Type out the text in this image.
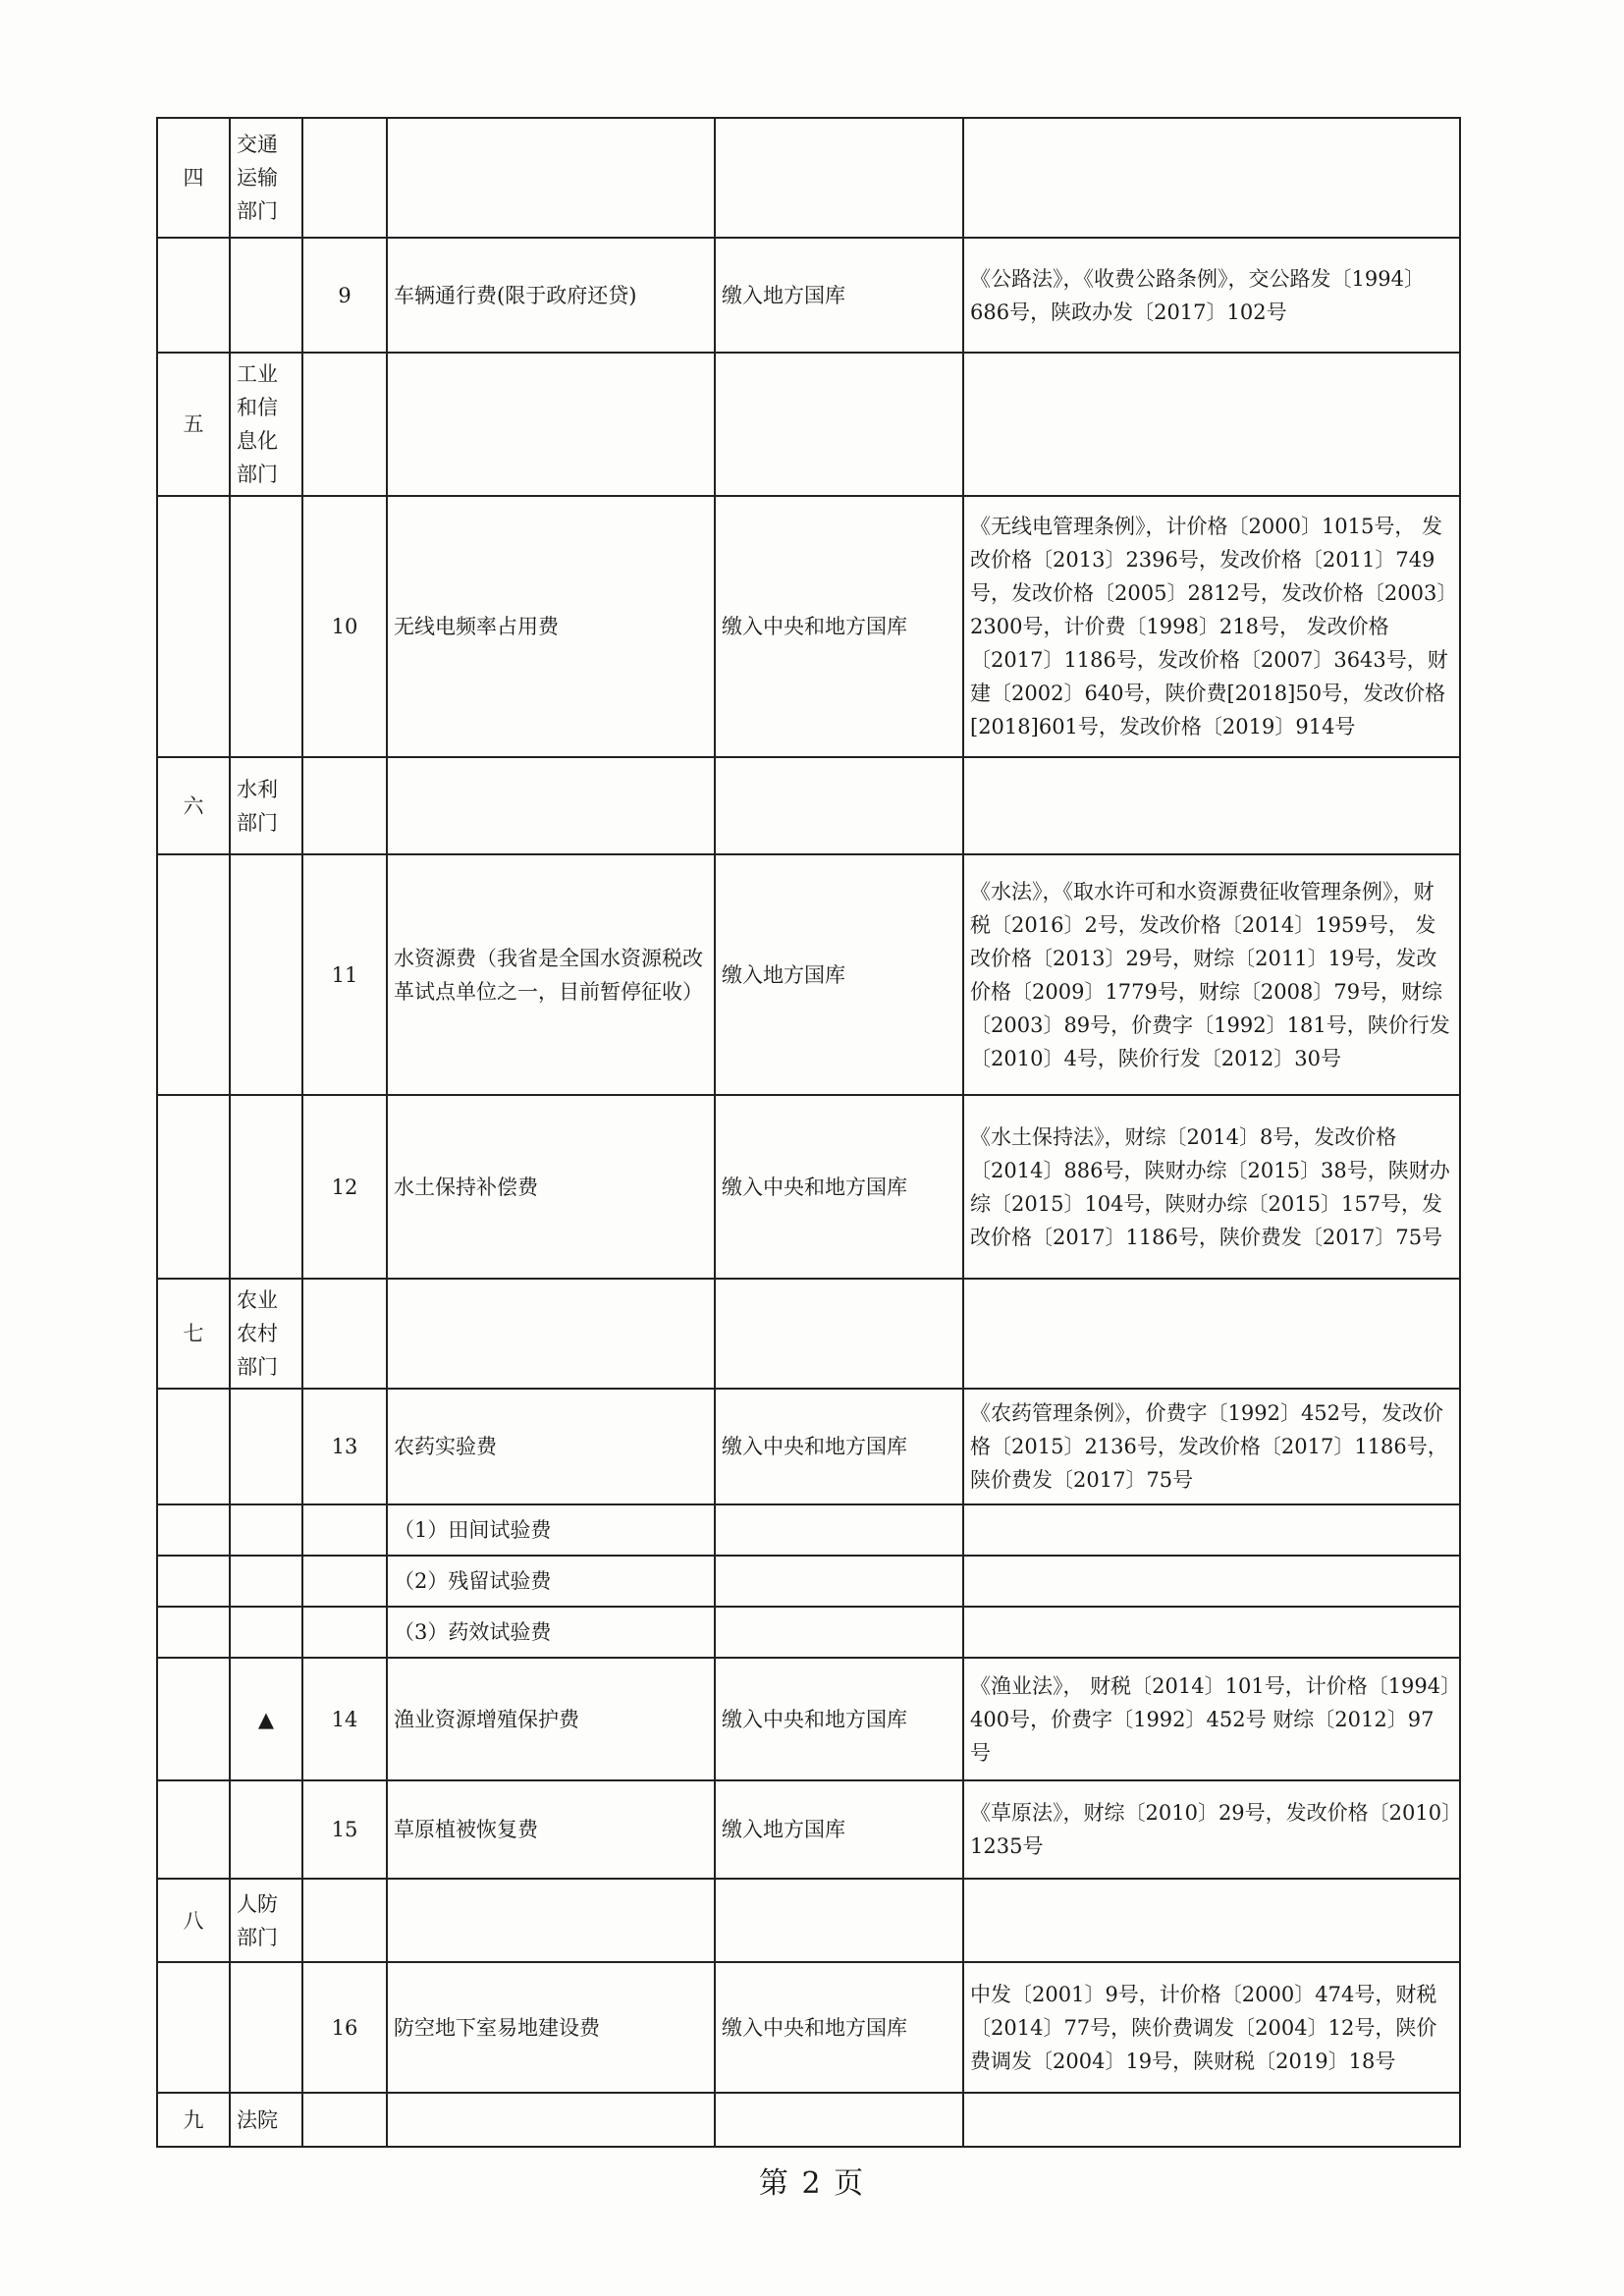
四	交通运输部门				
		9	车辆通行费(限于政府还贷)	缴入地方国库	《公路法》，《收费公路条例》，交公路发〔1994〕686号，陕政办发〔2017〕102号
五	工业和信息化部门				
		10	无线电频率占用费	缴入中央和地方国库	《无线电管理条例》，计价格〔2000〕1015号， 发改价格〔2013〕2396号，发改价格〔2011〕749号，发改价格〔2005〕2812号，发改价格〔2003〕2300号，计价费〔1998〕218号， 发改价格〔2017〕1186号，发改价格〔2007〕3643号，财建〔2002〕640号，陕价费[2018]50号，发改价格[2018]601号，发改价格〔2019〕914号
六	水利部门				
		11	水资源费（我省是全国水资源税改革试点单位之一，目前暂停征收）	缴入地方国库	《水法》，《取水许可和水资源费征收管理条例》，财税〔2016〕2号，发改价格〔2014〕1959号， 发改价格〔2013〕29号，财综〔2011〕19号，发改价格〔2009〕1779号，财综〔2008〕79号，财综〔2003〕89号，价费字〔1992〕181号，陕价行发〔2010〕4号，陕价行发〔2012〕30号
		12	水土保持补偿费	缴入中央和地方国库	《水土保持法》，财综〔2014〕8号，发改价格〔2014〕886号，陕财办综〔2015〕38号，陕财办综〔2015〕104号，陕财办综〔2015〕157号，发改价格〔2017〕1186号，陕价费发〔2017〕75号
七	农业农村部门				
		13	农药实验费	缴入中央和地方国库	《农药管理条例》，价费字〔1992〕452号，发改价格〔2015〕2136号，发改价格〔2017〕1186号，陕价费发〔2017〕75号
			（1）田间试验费		
			（2）残留试验费		
			（3）药效试验费		
	▲	14	渔业资源增殖保护费	缴入中央和地方国库	《渔业法》， 财税〔2014〕101号，计价格〔1994〕400号，价费字〔1992〕452号 财综〔2012〕97号
		15	草原植被恢复费	缴入地方国库	《草原法》，财综〔2010〕29号，发改价格〔2010〕1235号
八	人防部门				
		16	防空地下室易地建设费	缴入中央和地方国库	中发〔2001〕9号，计价格〔2000〕474号，财税〔2014〕77号，陕价费调发〔2004〕12号，陕价费调发〔2004〕19号，陕财税〔2019〕18号
九	法院				
第 2 页
